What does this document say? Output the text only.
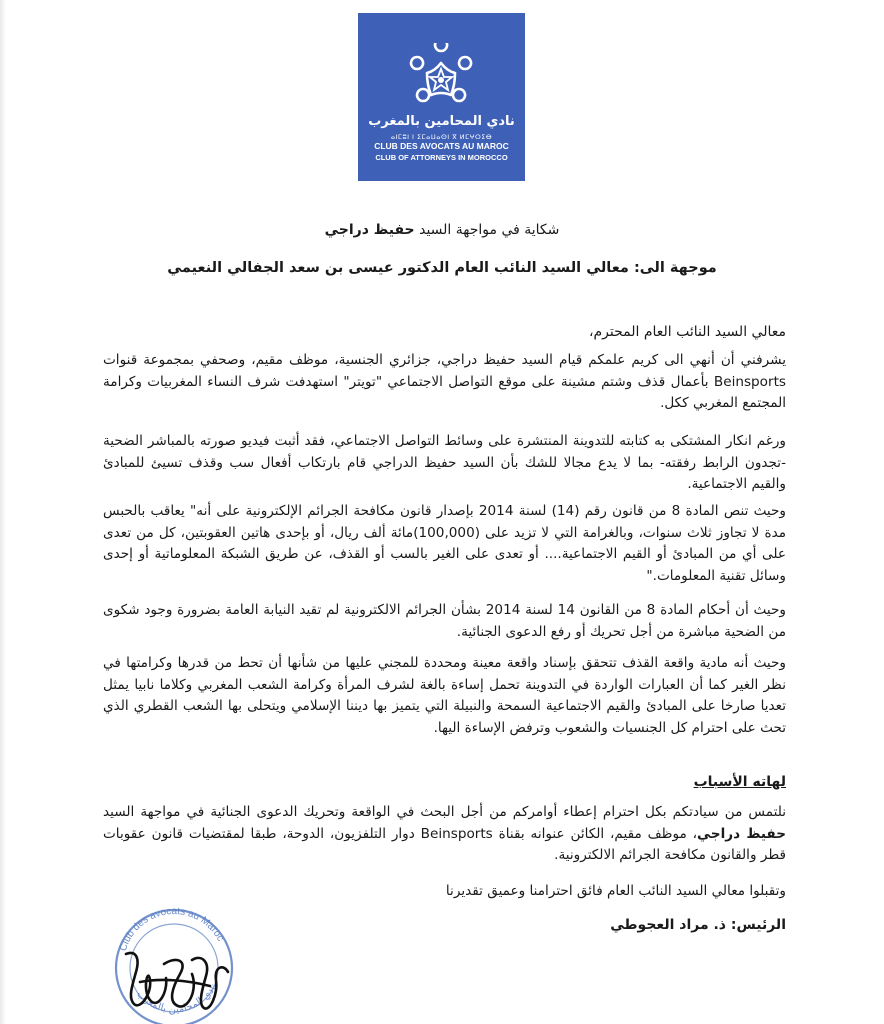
نادي المحامين بالمغرب
ⴰⵏⵎⵓⵏ ⵏ ⵉⵎⴰⵡⴰⵙⵏ ⴳ ⵍⵎⵖⵔⵉⴱ
CLUB DES AVOCATS AU MAROC
CLUB OF ATTORNEYS IN MOROCCO
شكاية في مواجهة السيد حفيظ دراجي
موجهة الى: معالي السيد النائب العام الدكتور عيسى بن سعد الجفالي النعيمي
معالي السيد النائب العام المحترم،

يشرفني أن أنهي الى كريم علمكم قيام السيد حفيظ دراجي، جزائري الجنسية، موظف مقيم، وصحفي بمجموعة قنوات Beinsports بأعمال قذف وشتم مشينة على موقع التواصل الاجتماعي "تويتر" استهدفت شرف النساء المغربيات وكرامة المجتمع المغربي ككل.

ورغم انكار المشتكى به كتابته للتدوينة المنتشرة على وسائط التواصل الاجتماعي، فقد أثبت فيديو صورته بالمباشر الضحية -تجدون الرابط رفقته- بما لا يدع مجالا للشك بأن السيد حفيظ الدراجي قام بارتكاب أفعال سب وقذف تسيئ للمبادئ والقيم الاجتماعية.

وحيث تنص المادة 8 من قانون رقم (14) لسنة 2014 بإصدار قانون مكافحة الجرائم الإلكترونية على أنه" يعاقب بالحبس مدة لا تجاوز ثلاث سنوات، وبالغرامة التي لا تزيد على (100,000)مائة ألف ريال، أو بإحدى هاتين العقوبتين، كل من تعدى على أي من المبادئ أو القيم الاجتماعية.... أو تعدى على الغير بالسب أو القذف، عن طريق الشبكة المعلوماتية أو إحدى وسائل تقنية المعلومات."

وحيث أن أحكام المادة 8 من القانون 14 لسنة 2014 بشأن الجرائم الالكترونية لم تقيد النيابة العامة بضرورة وجود شكوى من الضحية مباشرة من أجل تحريك أو رفع الدعوى الجنائية.

وحيث أنه مادية واقعة القذف تتحقق بإسناد واقعة معينة ومحددة للمجني عليها من شأنها أن تحط من قدرها وكرامتها في نظر الغير كما أن العبارات الواردة في التدوينة تحمل إساءة بالغة لشرف المرأة وكرامة الشعب المغربي وكلاما نابيا يمثل تعديا صارخا على المبادئ والقيم الاجتماعية السمحة والنبيلة التي يتميز بها ديننا الإسلامي ويتحلى بها الشعب القطري الذي تحث على احترام كل الجنسيات والشعوب وترفض الإساءة اليها.

لهاته الأسباب

نلتمس من سيادتكم بكل احترام إعطاء أوامركم من أجل البحث في الواقعة وتحريك الدعوى الجنائية في مواجهة السيد حفيظ دراجي، موظف مقيم، الكائن عنوانه بقناة Beinsports دوار التلفزيون، الدوحة، طبقا لمقتضيات قانون عقوبات قطر والقانون مكافحة الجرائم الالكترونية.

وتقبلوا معالي السيد النائب العام فائق احترامنا وعميق تقديرنا
الرئيس: ذ. مراد العجوطي
Club des avocats au Maroc
نادي المحامين بالمغرب
